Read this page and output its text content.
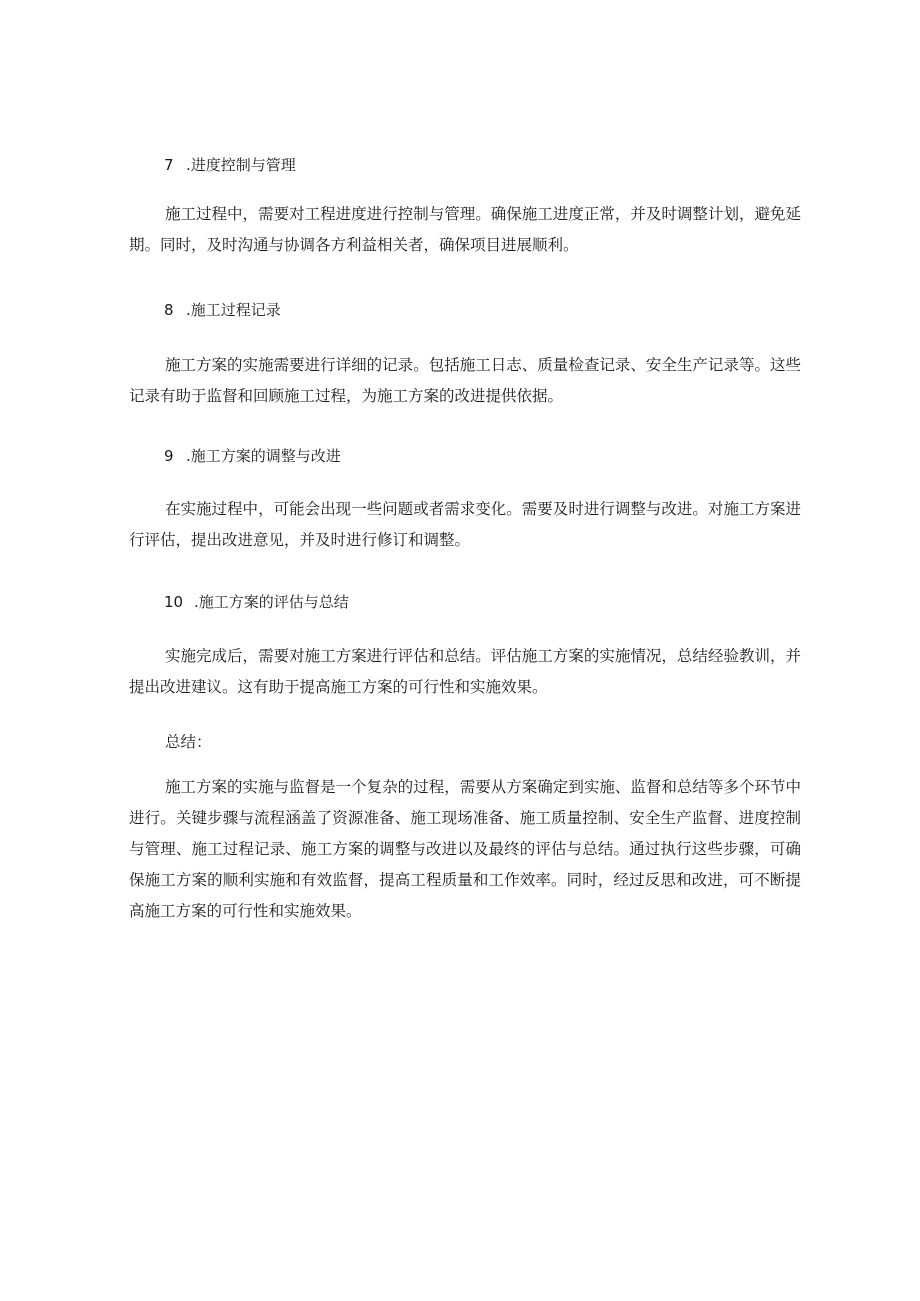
7 .进度控制与管理

施工过程中，需要对工程进度进行控制与管理。确保施工进度正常，并及时调整计划，避免延期。同时，及时沟通与协调各方利益相关者，确保项目进展顺利。

8 .施工过程记录

施工方案的实施需要进行详细的记录。包括施工日志、质量检查记录、安全生产记录等。这些记录有助于监督和回顾施工过程，为施工方案的改进提供依据。

9 .施工方案的调整与改进

在实施过程中，可能会出现一些问题或者需求变化。需要及时进行调整与改进。对施工方案进行评估，提出改进意见，并及时进行修订和调整。

10 .施工方案的评估与总结

实施完成后，需要对施工方案进行评估和总结。评估施工方案的实施情况，总结经验教训，并提出改进建议。这有助于提高施工方案的可行性和实施效果。

总结：

施工方案的实施与监督是一个复杂的过程，需要从方案确定到实施、监督和总结等多个环节中进行。关键步骤与流程涵盖了资源准备、施工现场准备、施工质量控制、安全生产监督、进度控制与管理、施工过程记录、施工方案的调整与改进以及最终的评估与总结。通过执行这些步骤，可确保施工方案的顺利实施和有效监督，提高工程质量和工作效率。同时，经过反思和改进，可不断提高施工方案的可行性和实施效果。
